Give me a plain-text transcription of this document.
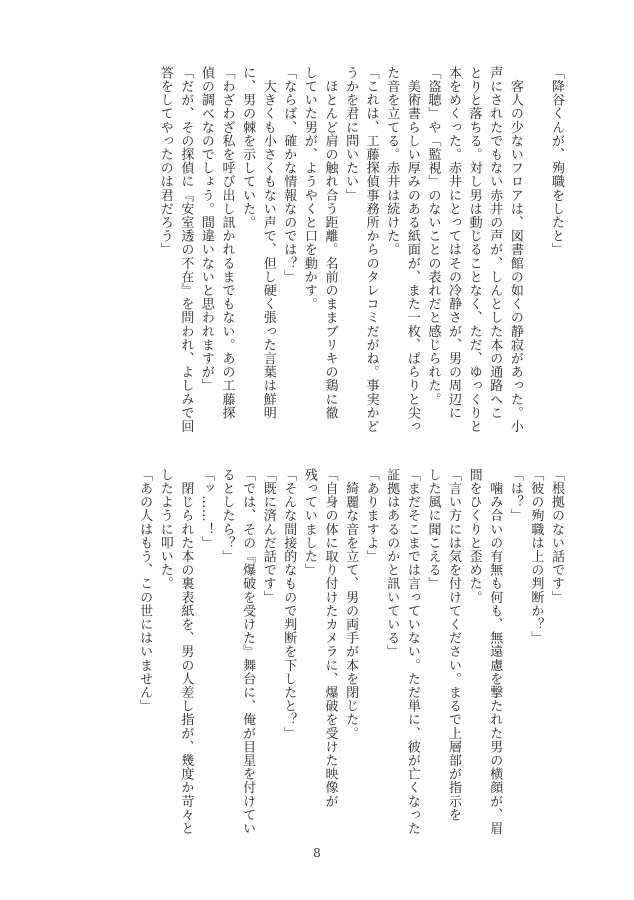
「降谷くんが、殉職をしたと」

　客人の少ないフロアは、図書館の如くの静寂があった。小
声にされたでもない赤井の声が、しんとした本の通路へこ
とりと落ちる。対し男は動じることなく、ただ、ゆっくりと
本をめくった。赤井にとってはその冷静さが、男の周辺に
「盗聴」や「監視」のないことの表れだと感じられた。
　美術書らしい厚みのある紙面が、また一枚、ぱらりと尖っ
た音を立てる。赤井は続けた。
「これは、工藤探偵事務所からのタレコミだがね。事実かど
うかを君に問いたい」
　ほとんど肩の触れ合う距離。名前のままブリキの鶏に徹
していた男が、ようやくと口を動かす。
「ならば、確かな情報なのでは？」
　大きくも小さくもない声で、但し硬く張った言葉は鮮明
に、男の棘を示していた。
「わざわざ私を呼び出し訊かれるまでもない。あの工藤探
偵の調べなのでしょう。間違いないと思われますが」
「だが、その探偵に『安室透の不在』を問われ、よしみで回
答をしてやったのは君だろう」
「根拠のない話です」
「彼の殉職は上の判断か？」
「は？」
　噛み合いの有無も何も、無遠慮を撃たれた男の横顔が、眉
間をひくりと歪めた。
「言い方には気を付けてください。まるで上層部が指示を
した風に聞こえる」
「まだそこまでは言っていない。ただ単に、彼が亡くなった
証拠はあるのかと訊いている」
「ありますよ」
　綺麗な音を立て、男の両手が本を閉じた。
「自身の体に取り付けたカメラに、爆破を受けた映像が
残っていました」
「そんな間接的なもので判断を下したと？」
「既に済んだ話です」
「では、その『爆破を受けた』舞台に、俺が目星を付けてい
るとしたら？」
「ッ……！」
　閉じられた本の裏表紙を、男の人差し指が、幾度か苛々と
したように叩いた。
「あの人はもう、この世にはいません」
8
